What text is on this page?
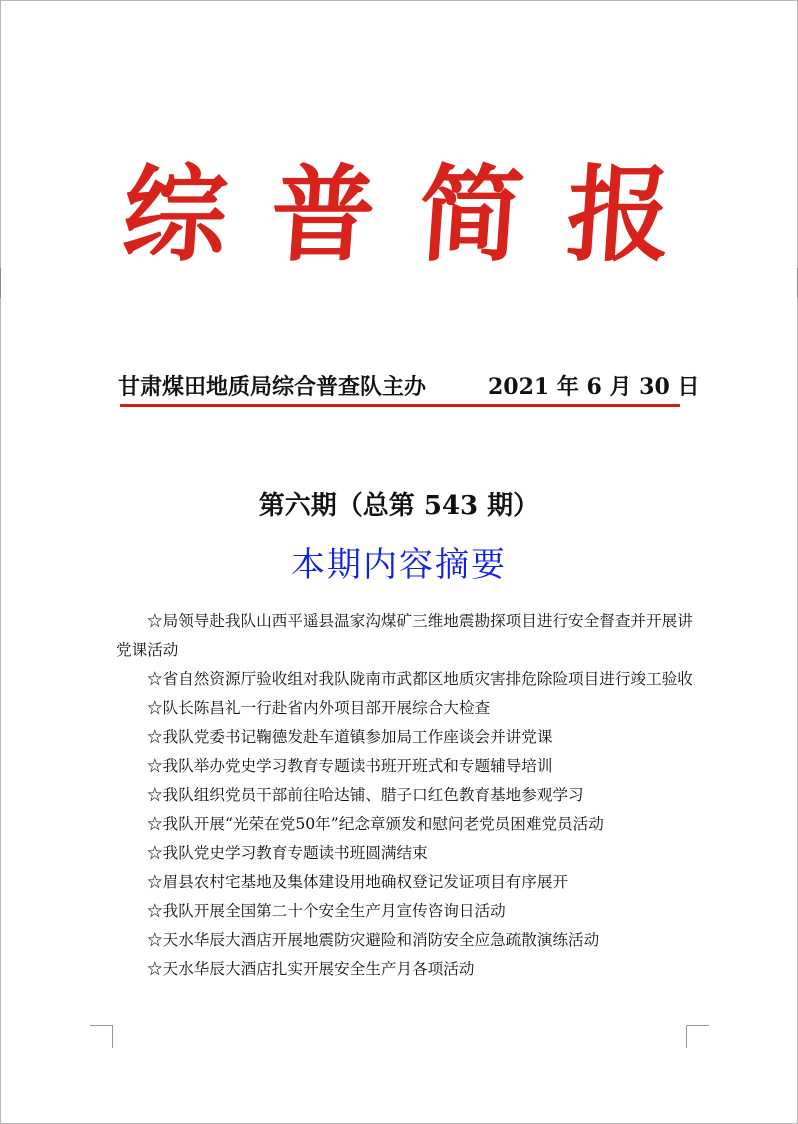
综普简报
甘肃煤田地质局综合普查队主办	2021 年 6 月 30 日
第六期（总第 543 期）
本期内容摘要

☆局领导赴我队山西平遥县温家沟煤矿三维地震勘探项目进行安全督查并开展讲党课活动

☆省自然资源厅验收组对我队陇南市武都区地质灾害排危除险项目进行竣工验收

☆队长陈昌礼一行赴省内外项目部开展综合大检查

☆我队党委书记鞠德发赴车道镇参加局工作座谈会并讲党课

☆我队举办党史学习教育专题读书班开班式和专题辅导培训

☆我队组织党员干部前往哈达铺、腊子口红色教育基地参观学习

☆我队开展“光荣在党50年”纪念章颁发和慰问老党员困难党员活动

☆我队党史学习教育专题读书班圆满结束

☆眉县农村宅基地及集体建设用地确权登记发证项目有序展开

☆我队开展全国第二十个安全生产月宣传咨询日活动

☆天水华辰大酒店开展地震防灾避险和消防安全应急疏散演练活动

☆天水华辰大酒店扎实开展安全生产月各项活动
